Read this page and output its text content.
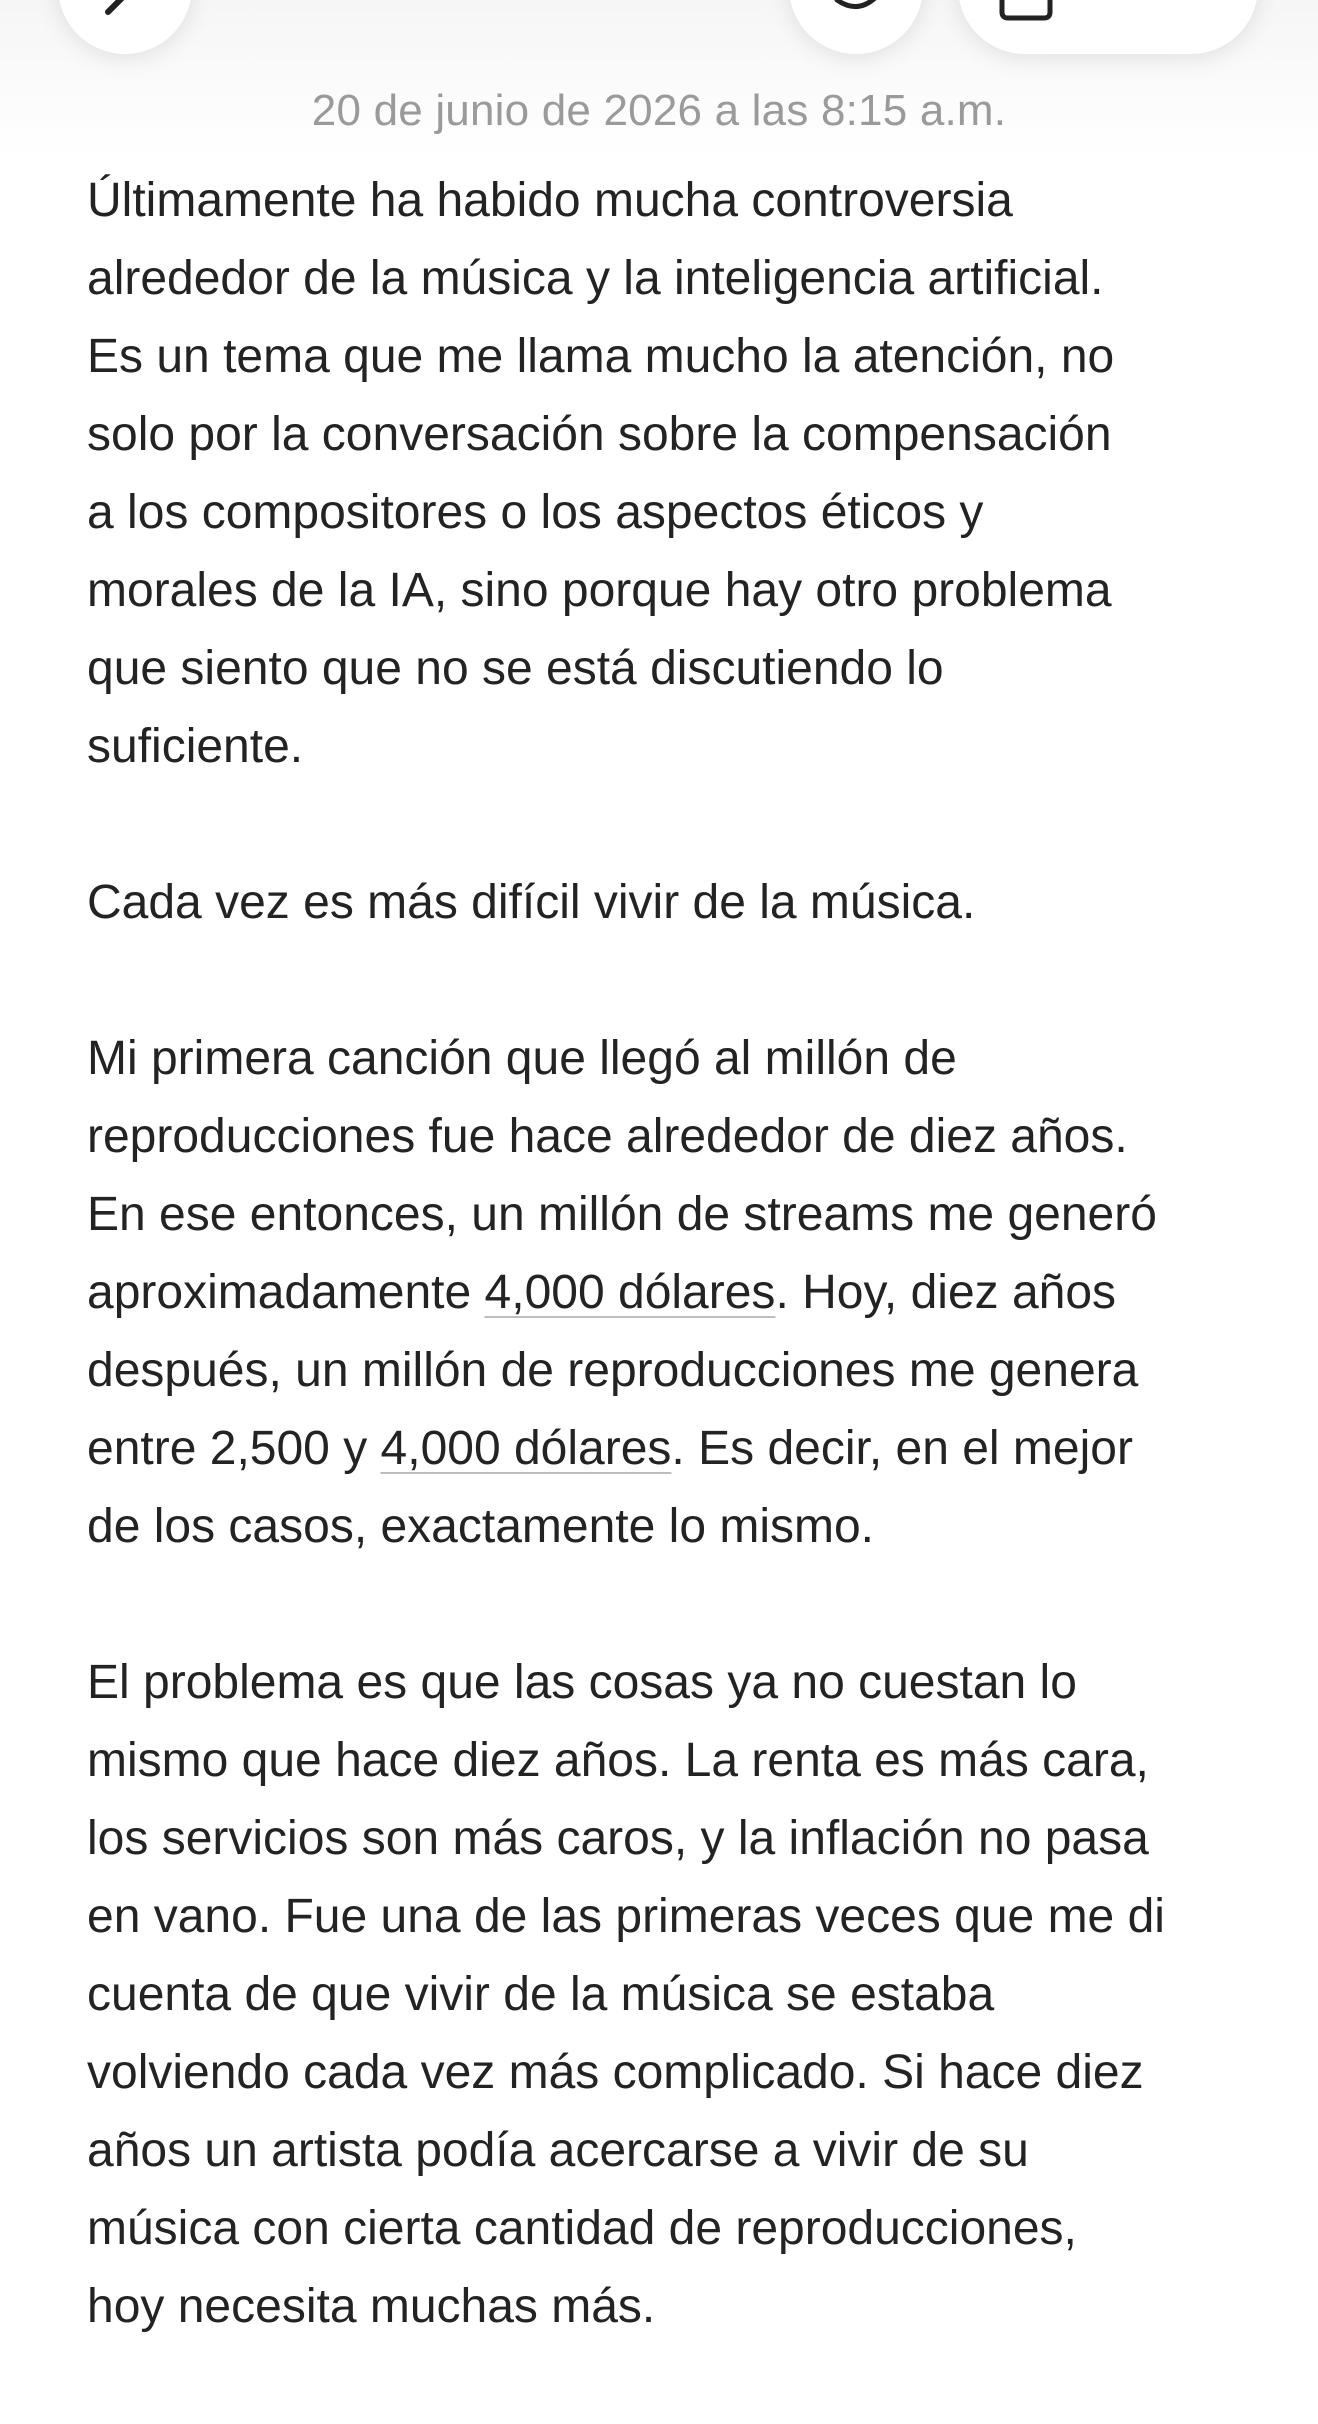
20 de junio de 2026 a las 8:15 a.m.
Últimamente ha habido mucha controversia
alrededor de la música y la inteligencia artificial.
Es un tema que me llama mucho la atención, no
solo por la conversación sobre la compensación
a los compositores o los aspectos éticos y
morales de la IA, sino porque hay otro problema
que siento que no se está discutiendo lo
suficiente.
Cada vez es más difícil vivir de la música.
Mi primera canción que llegó al millón de
reproducciones fue hace alrededor de diez años.
En ese entonces, un millón de streams me generó
aproximadamente 4,000 dólares. Hoy, diez años
después, un millón de reproducciones me genera
entre 2,500 y 4,000 dólares. Es decir, en el mejor
de los casos, exactamente lo mismo.
El problema es que las cosas ya no cuestan lo
mismo que hace diez años. La renta es más cara,
los servicios son más caros, y la inflación no pasa
en vano. Fue una de las primeras veces que me di
cuenta de que vivir de la música se estaba
volviendo cada vez más complicado. Si hace diez
años un artista podía acercarse a vivir de su
música con cierta cantidad de reproducciones,
hoy necesita muchas más.
